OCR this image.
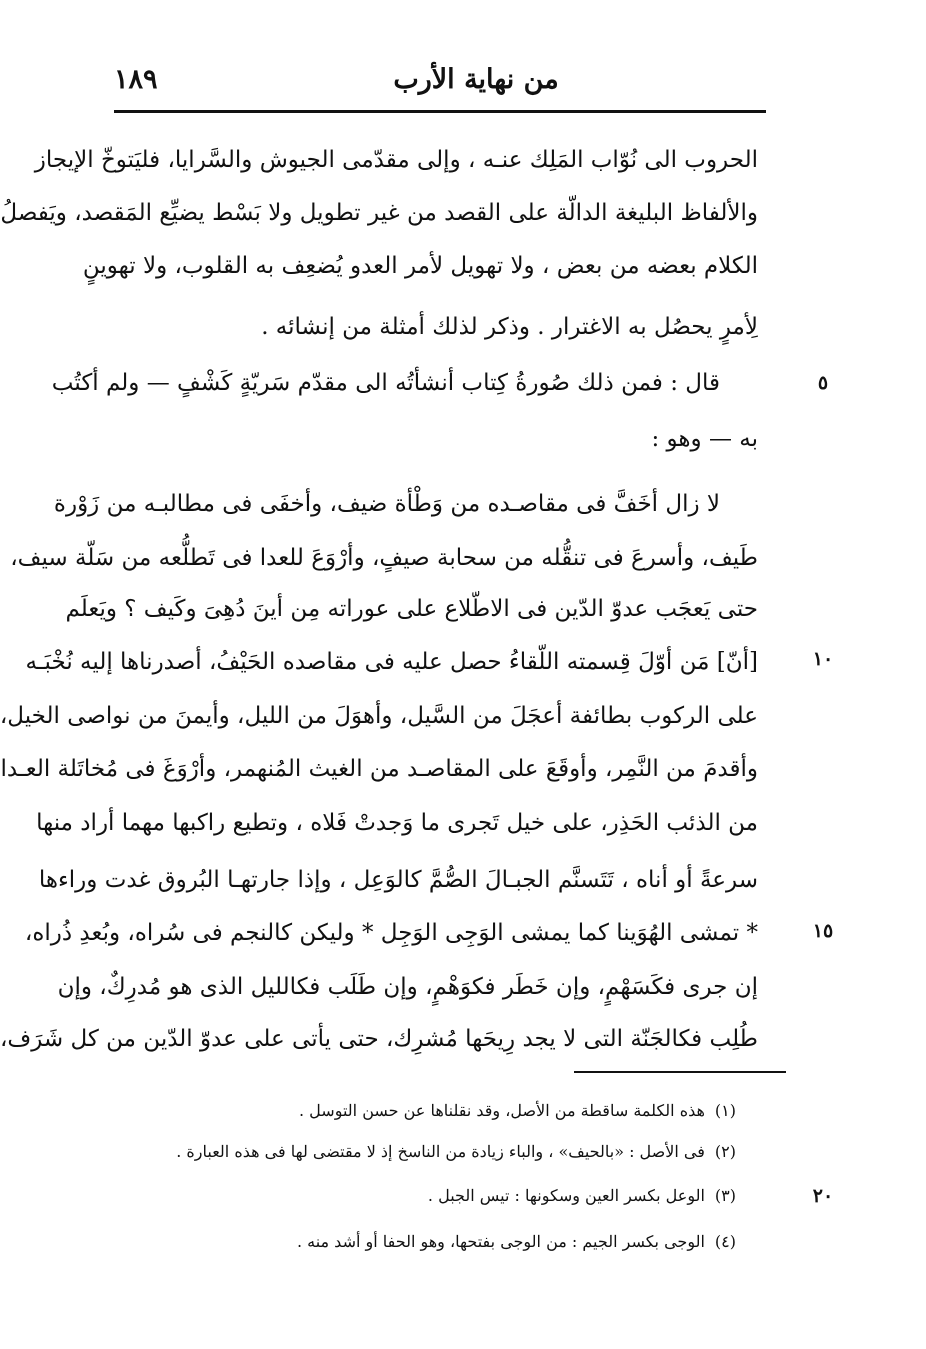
من نهاية الأرب
١٨٩
الحروب الى نُوّاب المَلِك عنـه ، وإلى مقدّمى الجيوش والسَّرايا، فليَتوخّ الإيجاز
والألفاظ البليغة الدالّة على القصد من غير تطويل ولا بَسْط يضيِّع المَقصد، ويَفصلُ
الكلام بعضه من بعض ، ولا تهويل لأمر العدو يُضعِف به القلوب، ولا تهوينٍ
لِأمرٍ يحصُل به الاغترار . وذكر لذلك أمثلة من إنشائه .
قال : فمن ذلك صُورةُ كِتاب أنشأتُه الى مقدّم سَريّةٍ كَشْفٍ — ولم أكتُب
به — وهو :
لا زال أخَفَّ فى مقاصـده من وَطْأة ضيف، وأخفَى فى مطالبـه من زَوْرة
طَيف، وأسرعَ فى تنقُّله من سحابة صيفٍ، وأرْوَعَ للعدا فى تَطلُّعه من سَلّة سيف،
حتى يَعجَب عدوّ الدّين فى الاطّلاع على عوراته مِن أينَ دُهِىَ وكَيف ؟ ويَعلَم
[أنّ] مَن أوّلَ قِسمته اللّقاءُ حصل عليه فى مقاصده الحَيْفُ، أصدرناها إليه نُخْبَـه
على الركوب بطائفة أعجَلَ من السَّيل، وأهوَلَ من الليل، وأيمنَ من نواصى الخيل،
وأقدمَ من النَّمِر، وأوقَعَ على المقاصـد من الغيث المُنهمر، وأرْوَغَ فى مُخاتَلة العـدا
من الذئب الحَذِر، على خيل تَجرى ما وَجدتْ فَلاه ، وتطيع راكبها مهما أراد منها
سرعةً أو أناه ، تَتَسنَّم الجبـالَ الصُّمَّ كالوَعِل ، وإذا جارتهـا البُروق غدت وراءها
* تمشى الهُوَينا كما يمشى الوَجِى الوَجِل * وليكن كالنجم فى سُراه، وبُعدِ ذُراه،
إن جرى فكَسَهْمٍ، وإن خَطَر فكوَهْمٍ، وإن طَلَب فكالليل الذى هو مُدرِكٌ، وإن
طُلِب فكالجَنّة التى لا يجد رِيحَها مُشرِك، حتى يأتى على عدوّ الدّين من كل شَرَف،
٥
١٠
١٥
٢٠
(١)هذه الكلمة ساقطة من الأصل، وقد نقلناها عن حسن التوسل .
(٢)فى الأصل : «بالحيف» ، والباء زيادة من الناسخ إذ لا مقتضى لها فى هذه العبارة .
(٣)الوعل بكسر العين وسكونها : تيس الجبل .
(٤)الوجى بكسر الجيم : من الوجى بفتحها، وهو الحفا أو أشد منه .
